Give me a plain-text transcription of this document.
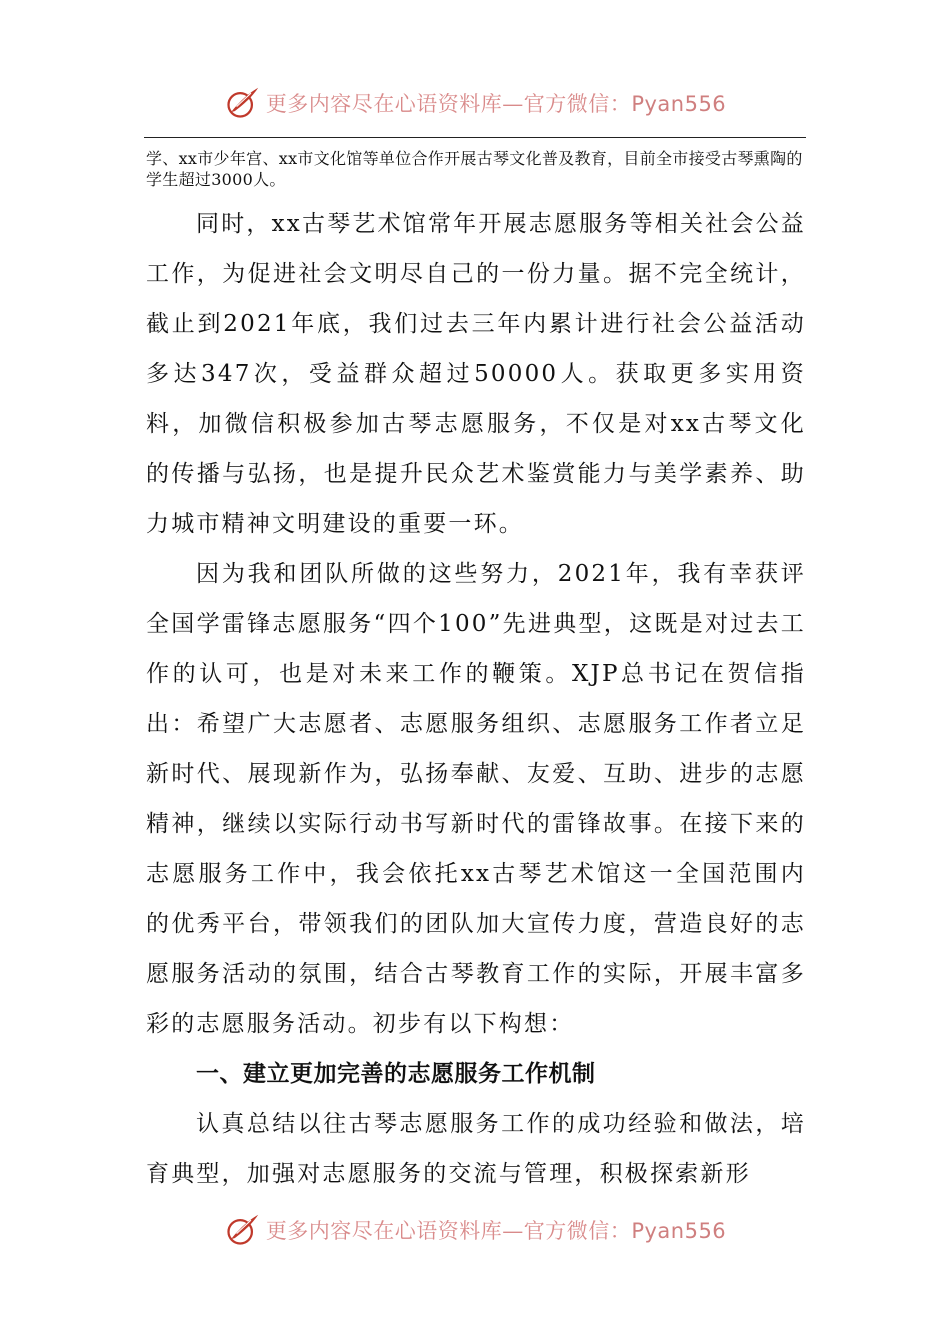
更多内容尽在心语资料库—官方微信：Pyan556

学、xx市少年宫、xx市文化馆等单位合作开展古琴文化普及教育，目前全市接受古琴熏陶的学生超过3000人。

同时，xx古琴艺术馆常年开展志愿服务等相关社会公益工作，为促进社会文明尽自己的一份力量。据不完全统计，截止到2021年底，我们过去三年内累计进行社会公益活动多达347次，受益群众超过50000人。获取更多实用资料，加微信积极参加古琴志愿服务，不仅是对xx古琴文化的传播与弘扬，也是提升民众艺术鉴赏能力与美学素养、助力城市精神文明建设的重要一环。

因为我和团队所做的这些努力，2021年，我有幸获评全国学雷锋志愿服务“四个100”先进典型，这既是对过去工作的认可，也是对未来工作的鞭策。XJP总书记在贺信指出：希望广大志愿者、志愿服务组织、志愿服务工作者立足新时代、展现新作为，弘扬奉献、友爱、互助、进步的志愿精神，继续以实际行动书写新时代的雷锋故事。在接下来的志愿服务工作中，我会依托xx古琴艺术馆这一全国范围内的优秀平台，带领我们的团队加大宣传力度，营造良好的志愿服务活动的氛围，结合古琴教育工作的实际，开展丰富多彩的志愿服务活动。初步有以下构想：

一、建立更加完善的志愿服务工作机制

认真总结以往古琴志愿服务工作的成功经验和做法，培育典型，加强对志愿服务的交流与管理，积极探索新形

更多内容尽在心语资料库—官方微信：Pyan556
